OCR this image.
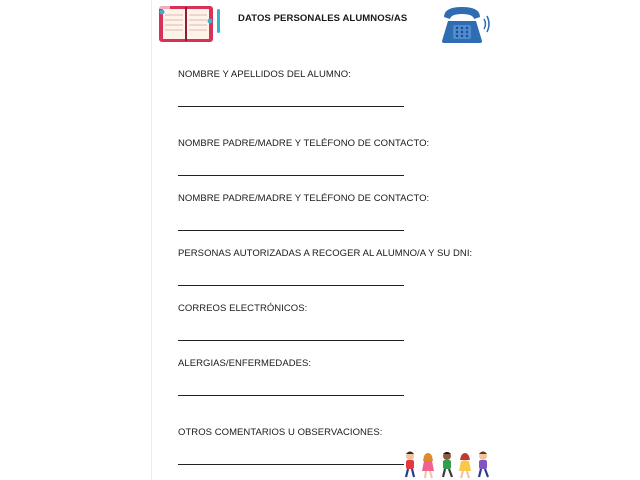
DATOS PERSONALES ALUMNOS/AS
NOMBRE Y APELLIDOS DEL ALUMNO:
NOMBRE PADRE/MADRE Y TELÉFONO DE CONTACTO:
NOMBRE PADRE/MADRE Y TELÉFONO DE CONTACTO:
PERSONAS AUTORIZADAS A RECOGER AL ALUMNO/A Y SU DNI:
CORREOS ELECTRÓNICOS:
ALERGIAS/ENFERMEDADES:
OTROS COMENTARIOS U OBSERVACIONES:
